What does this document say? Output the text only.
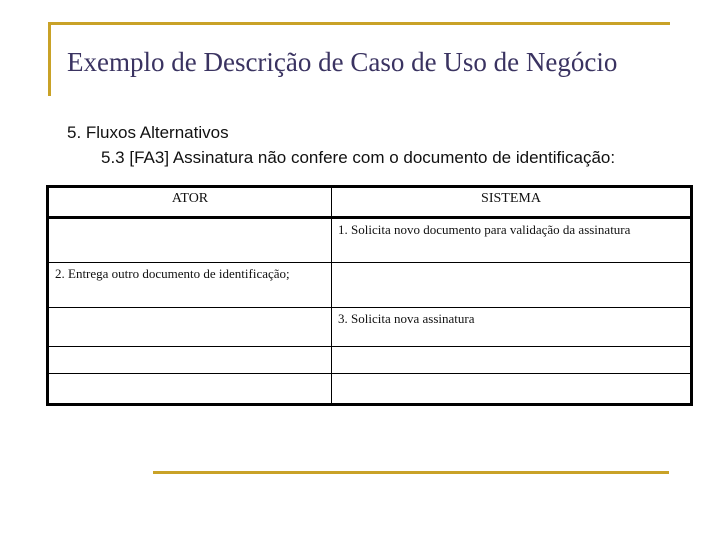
Exemplo de Descrição de Caso de Uso de Negócio
5. Fluxos Alternativos
5.3 [FA3] Assinatura não confere com o documento de identificação:
ATOR	SISTEMA
	1. Solicita novo documento para validação da assinatura
2. Entrega outro documento de identificação;	
	3. Solicita nova assinatura
